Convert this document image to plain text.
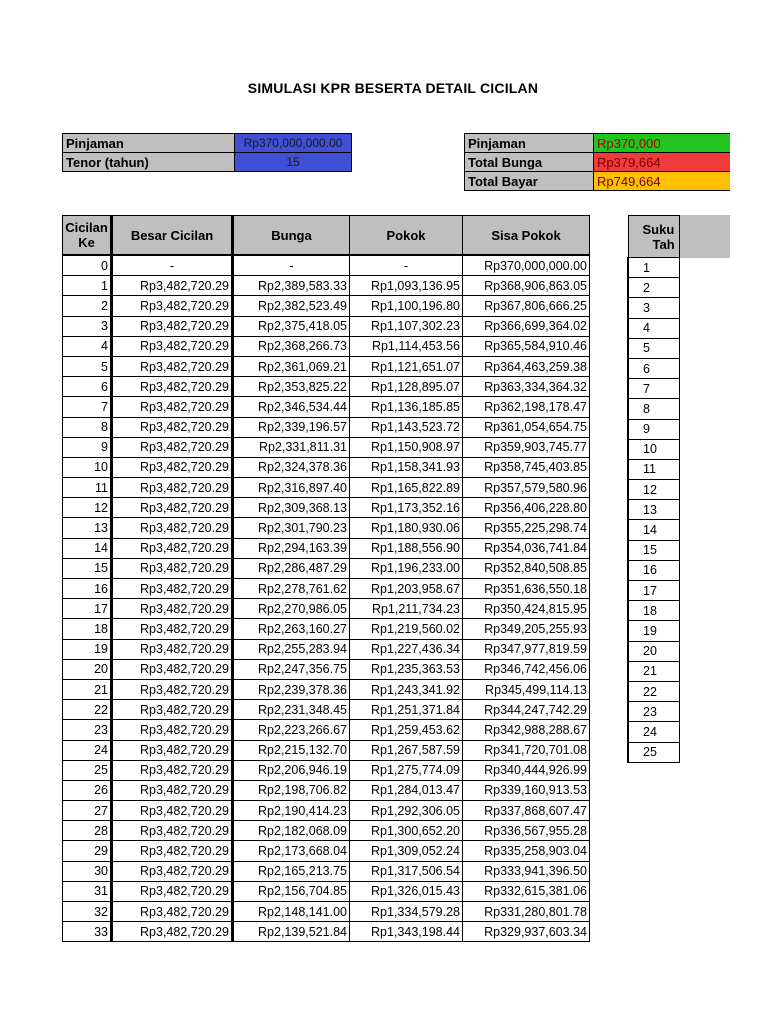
SIMULASI KPR BESERTA DETAIL CICILAN
Pinjaman	Rp370,000,000.00
Tenor (tahun)	15
Pinjaman	Rp370,000
Total Bunga	Rp379,664
Total Bayar	Rp749,664
Cicilan Ke	Besar Cicilan	Bunga	Pokok	Sisa Pokok
0	-	-	-	Rp370,000,000.00
1	Rp3,482,720.29	Rp2,389,583.33	Rp1,093,136.95	Rp368,906,863.05
2	Rp3,482,720.29	Rp2,382,523.49	Rp1,100,196.80	Rp367,806,666.25
3	Rp3,482,720.29	Rp2,375,418.05	Rp1,107,302.23	Rp366,699,364.02
4	Rp3,482,720.29	Rp2,368,266.73	Rp1,114,453.56	Rp365,584,910.46
5	Rp3,482,720.29	Rp2,361,069.21	Rp1,121,651.07	Rp364,463,259.38
6	Rp3,482,720.29	Rp2,353,825.22	Rp1,128,895.07	Rp363,334,364.32
7	Rp3,482,720.29	Rp2,346,534.44	Rp1,136,185.85	Rp362,198,178.47
8	Rp3,482,720.29	Rp2,339,196.57	Rp1,143,523.72	Rp361,054,654.75
9	Rp3,482,720.29	Rp2,331,811.31	Rp1,150,908.97	Rp359,903,745.77
10	Rp3,482,720.29	Rp2,324,378.36	Rp1,158,341.93	Rp358,745,403.85
11	Rp3,482,720.29	Rp2,316,897.40	Rp1,165,822.89	Rp357,579,580.96
12	Rp3,482,720.29	Rp2,309,368.13	Rp1,173,352.16	Rp356,406,228.80
13	Rp3,482,720.29	Rp2,301,790.23	Rp1,180,930.06	Rp355,225,298.74
14	Rp3,482,720.29	Rp2,294,163.39	Rp1,188,556.90	Rp354,036,741.84
15	Rp3,482,720.29	Rp2,286,487.29	Rp1,196,233.00	Rp352,840,508.85
16	Rp3,482,720.29	Rp2,278,761.62	Rp1,203,958.67	Rp351,636,550.18
17	Rp3,482,720.29	Rp2,270,986.05	Rp1,211,734.23	Rp350,424,815.95
18	Rp3,482,720.29	Rp2,263,160.27	Rp1,219,560.02	Rp349,205,255.93
19	Rp3,482,720.29	Rp2,255,283.94	Rp1,227,436.34	Rp347,977,819.59
20	Rp3,482,720.29	Rp2,247,356.75	Rp1,235,363.53	Rp346,742,456.06
21	Rp3,482,720.29	Rp2,239,378.36	Rp1,243,341.92	Rp345,499,114.13
22	Rp3,482,720.29	Rp2,231,348.45	Rp1,251,371.84	Rp344,247,742.29
23	Rp3,482,720.29	Rp2,223,266.67	Rp1,259,453.62	Rp342,988,288.67
24	Rp3,482,720.29	Rp2,215,132.70	Rp1,267,587.59	Rp341,720,701.08
25	Rp3,482,720.29	Rp2,206,946.19	Rp1,275,774.09	Rp340,444,926.99
26	Rp3,482,720.29	Rp2,198,706.82	Rp1,284,013.47	Rp339,160,913.53
27	Rp3,482,720.29	Rp2,190,414.23	Rp1,292,306.05	Rp337,868,607.47
28	Rp3,482,720.29	Rp2,182,068.09	Rp1,300,652.20	Rp336,567,955.28
29	Rp3,482,720.29	Rp2,173,668.04	Rp1,309,052.24	Rp335,258,903.04
30	Rp3,482,720.29	Rp2,165,213.75	Rp1,317,506.54	Rp333,941,396.50
31	Rp3,482,720.29	Rp2,156,704.85	Rp1,326,015.43	Rp332,615,381.06
32	Rp3,482,720.29	Rp2,148,141.00	Rp1,334,579.28	Rp331,280,801.78
33	Rp3,482,720.29	Rp2,139,521.84	Rp1,343,198.44	Rp329,937,603.34
Suku
Tah

1
2
3
4
5
6
7
8
9
10
11
12
13
14
15
16
17
18
19
20
21
22
23
24
25
